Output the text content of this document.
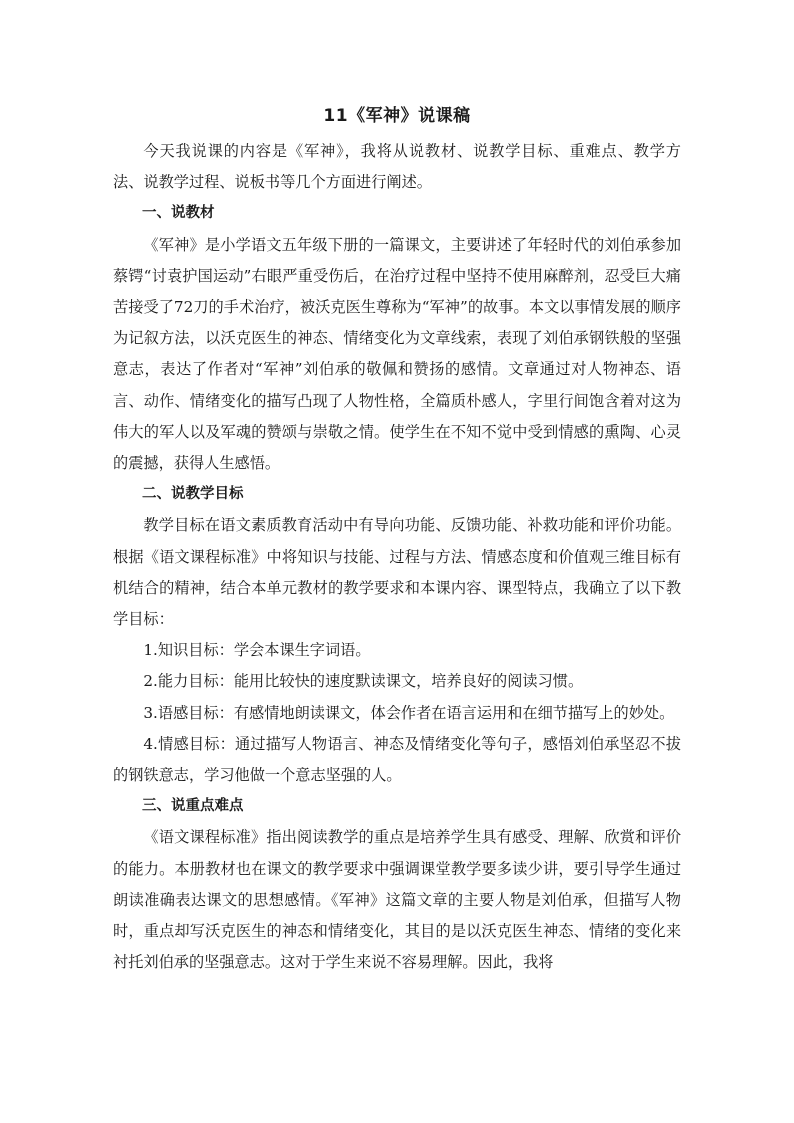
11《军神》说课稿

今天我说课的内容是《军神》，我将从说教材、说教学目标、重难点、教学方法、说教学过程、说板书等几个方面进行阐述。

一、说教材

《军神》是小学语文五年级下册的一篇课文，主要讲述了年轻时代的刘伯承参加蔡锷“讨袁护国运动”右眼严重受伤后，在治疗过程中坚持不使用麻醉剂，忍受巨大痛苦接受了72刀的手术治疗，被沃克医生尊称为“军神”的故事。本文以事情发展的顺序为记叙方法，以沃克医生的神态、情绪变化为文章线索，表现了刘伯承钢铁般的坚强意志，表达了作者对“军神”刘伯承的敬佩和赞扬的感情。文章通过对人物神态、语言、动作、情绪变化的描写凸现了人物性格，全篇质朴感人，字里行间饱含着对这为伟大的军人以及军魂的赞颂与崇敬之情。使学生在不知不觉中受到情感的熏陶、心灵的震撼，获得人生感悟。

二、说教学目标

教学目标在语文素质教育活动中有导向功能、反馈功能、补救功能和评价功能。根据《语文课程标准》中将知识与技能、过程与方法、情感态度和价值观三维目标有机结合的精神，结合本单元教材的教学要求和本课内容、课型特点，我确立了以下教学目标：

1.知识目标：学会本课生字词语。

2.能力目标：能用比较快的速度默读课文，培养良好的阅读习惯。

3.语感目标：有感情地朗读课文，体会作者在语言运用和在细节描写上的妙处。

4.情感目标：通过描写人物语言、神态及情绪变化等句子，感悟刘伯承坚忍不拔的钢铁意志，学习他做一个意志坚强的人。

三、说重点难点

《语文课程标准》指出阅读教学的重点是培养学生具有感受、理解、欣赏和评价的能力。本册教材也在课文的教学要求中强调课堂教学要多读少讲，要引导学生通过朗读准确表达课文的思想感情。《军神》这篇文章的主要人物是刘伯承，但描写人物时，重点却写沃克医生的神态和情绪变化，其目的是以沃克医生神态、情绪的变化来衬托刘伯承的坚强意志。这对于学生来说不容易理解。因此，我将
